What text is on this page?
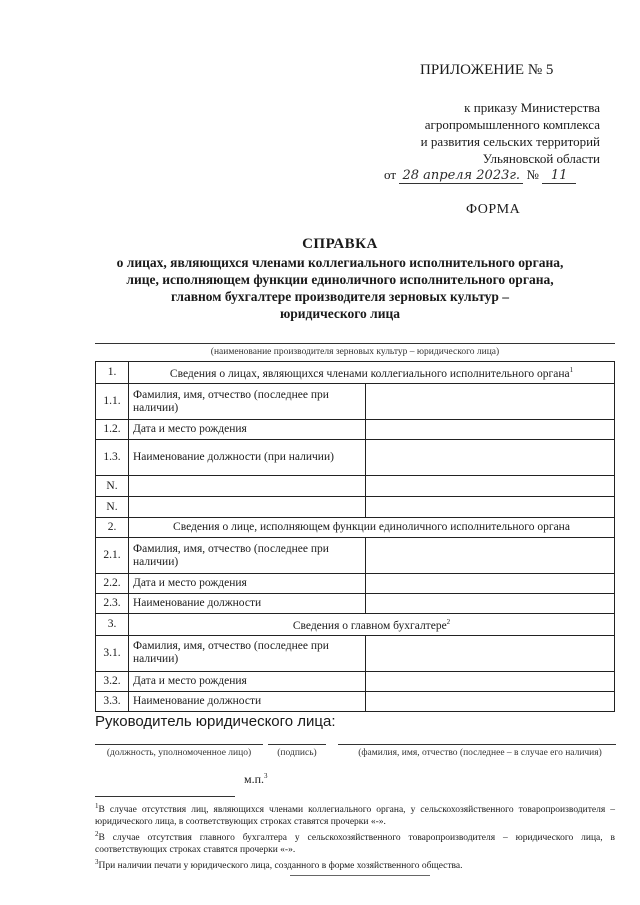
ПРИЛОЖЕНИЕ № 5
к приказу Министерства
агропромышленного комплекса
и развития сельских территорий
Ульяновской области
от 28 апреля 2023г. № 11
ФОРМА
СПРАВКА
о лицах, являющихся членами коллегиального исполнительного органа,
лице, исполняющем функции единоличного исполнительного органа,
главном бухгалтере производителя зерновых культур –
юридического лица
(наименование производителя зерновых культур – юридического лица)
1.	Сведения о лицах, являющихся членами коллегиального исполнительного органа$^1$
1.1.	Фамилия, имя, отчество (последнее при наличии)	
1.2.	Дата и место рождения	
1.3.	Наименование должности (при наличии)	
N.		
N.		
2.	Сведения о лице, исполняющем функции единоличного исполнительного органа	
2.1.	Фамилия, имя, отчество (последнее при наличии)	
2.2.	Дата и место рождения	
2.3.	Наименование должности	
3.	Сведения о главном бухгалтере$^2$
3.1.	Фамилия, имя, отчество (последнее при наличии)	
3.2.	Дата и место рождения	
3.3.	Наименование должности	
Руководитель юридического лица:
(должность, уполномоченное лицо)	(подпись)	(фамилия, имя, отчество (последнее – в случае его наличия)
м.п.$^3$

$^1$В случае отсутствия лиц, являющихся членами коллегиального органа, у сельскохозяйственного товаропроизводителя – юридического лица, в соответствующих строках ставятся прочерки «-».

$^2$В случае отсутствия главного бухгалтера у сельскохозяйственного товаропроизводителя – юридического лица, в соответствующих строках ставятся прочерки «-».

$^3$При наличии печати у юридического лица, созданного в форме хозяйственного общества.
